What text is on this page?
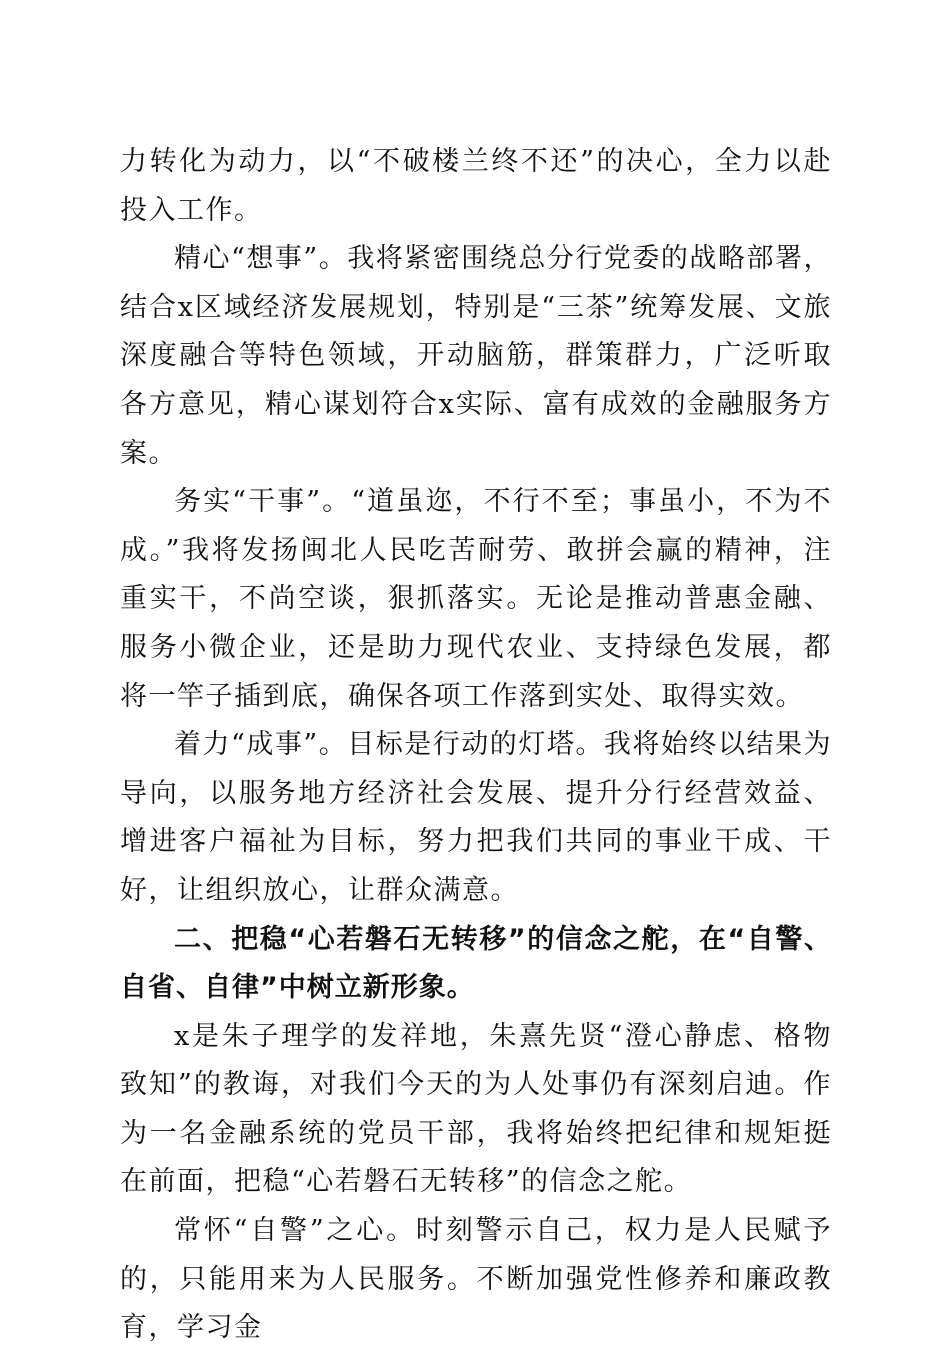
力转化为动力，以“不破楼兰终不还”的决心，全力以赴投入工作。

精心“想事”。我将紧密围绕总分行党委的战略部署，结合x区域经济发展规划，特别是“三茶”统筹发展、文旅深度融合等特色领域，开动脑筋，群策群力，广泛听取各方意见，精心谋划符合x实际、富有成效的金融服务方案。

务实“干事”。“道虽迩，不行不至；事虽小，不为不成。”我将发扬闽北人民吃苦耐劳、敢拼会赢的精神，注重实干，不尚空谈，狠抓落实。无论是推动普惠金融、服务小微企业，还是助力现代农业、支持绿色发展，都将一竿子插到底，确保各项工作落到实处、取得实效。

着力“成事”。目标是行动的灯塔。我将始终以结果为导向，以服务地方经济社会发展、提升分行经营效益、增进客户福祉为目标，努力把我们共同的事业干成、干好，让组织放心，让群众满意。

二、把稳“心若磐石无转移”的信念之舵，在“自警、自省、自律”中树立新形象。

x是朱子理学的发祥地，朱熹先贤“澄心静虑、格物致知”的教诲，对我们今天的为人处事仍有深刻启迪。作为一名金融系统的党员干部，我将始终把纪律和规矩挺在前面，把稳“心若磐石无转移”的信念之舵。

常怀“自警”之心。时刻警示自己，权力是人民赋予的，只能用来为人民服务。不断加强党性修养和廉政教育，学习金
